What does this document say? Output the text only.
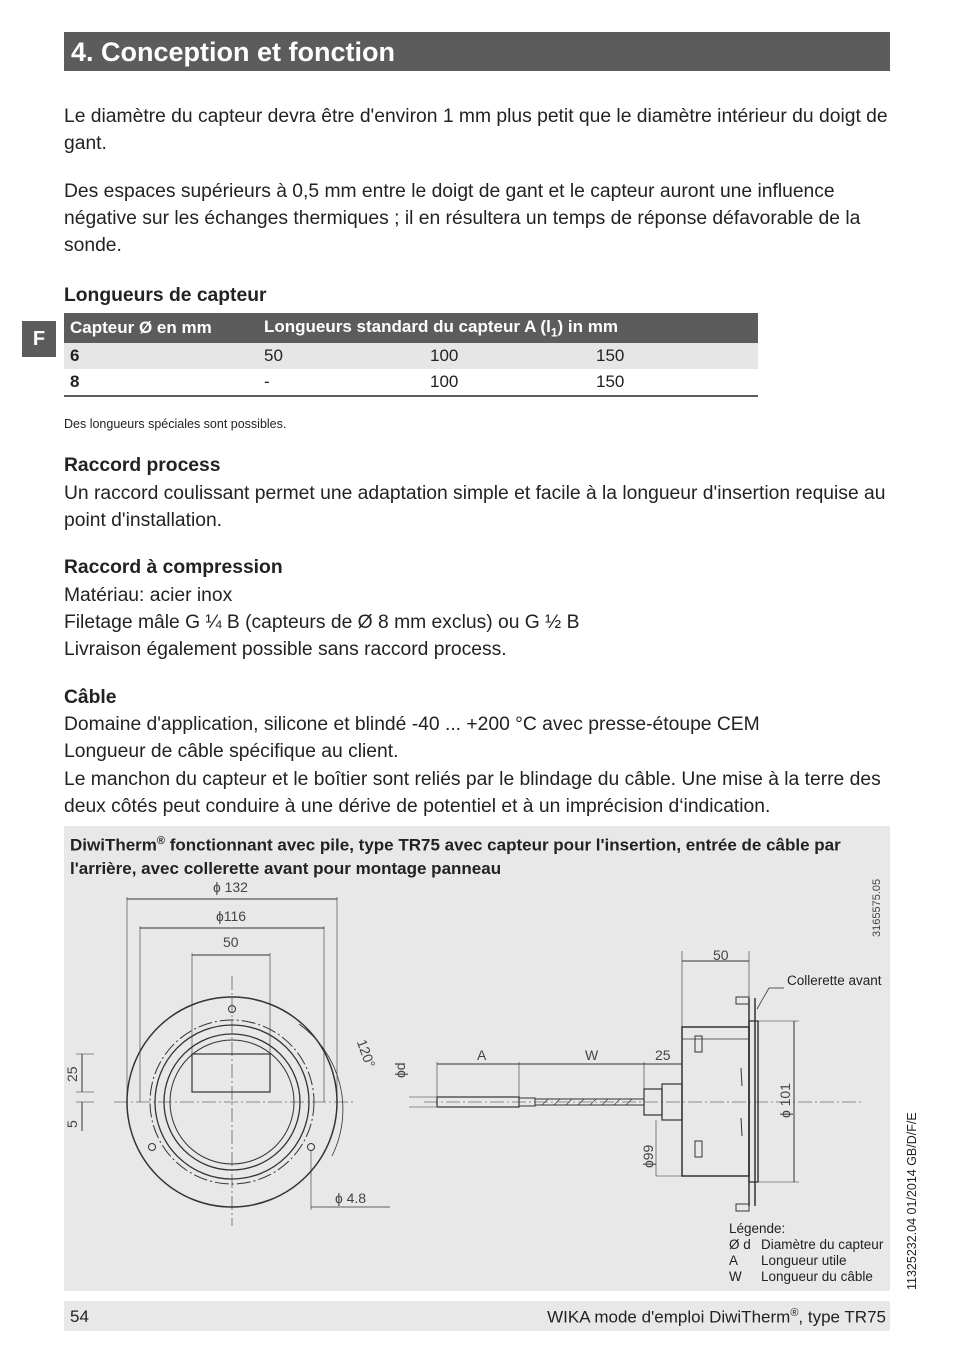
4. Conception et fonction
F

Le diamètre du capteur devra être d'environ 1 mm plus petit que le diamètre intérieur du doigt de gant.

Des espaces supérieurs à 0,5 mm entre le doigt de gant et le capteur auront une influence négative sur les échanges thermiques ; il en résultera un temps de réponse défavorable de la sonde.

Longueurs de capteur
Capteur Ø en mm	Longueurs standard du capteur A $(l_1)$ in mm		
6	50	100	150
8	-	100	150
Des longueurs spéciales sont possibles.
Raccord process

Un raccord coulissant permet une adaptation simple et facile à la longueur d'insertion requise au point d'installation.

Raccord à compression

Matériau: acier inox

Filetage mâle G ¼ B (capteurs de Ø 8 mm exclus) ou G ½ B

Livraison également possible sans raccord process.

Câble

Domaine d'application, silicone et blindé -40 ... +200 °C avec presse-étoupe CEM

Longueur de câble spécifique au client.

Le manchon du capteur et le boîtier sont reliés par le blindage du câble. Une mise à la terre des deux côtés peut conduire à une dérive de potentiel et à un imprécision d‘indication.

DiwiTherm® fonctionnant avec pile, type TR75 avec capteur pour l'insertion, entrée de câble par l'arrière, avec collerette avant pour montage panneau
ɸ 132
ɸ116
50
120°
25
5
ɸ 4.8
50
A	W	25
ɸd
ɸ99
ɸ 101
3165575.05
Collerette avant
Légende:
Ø d Diamètre du capteur
A Longueur utile
W Longueur du câble	11325232.04 01/2014 GB/D/F/E
54	WIKA mode d'emploi DiwiTherm®, type TR75
